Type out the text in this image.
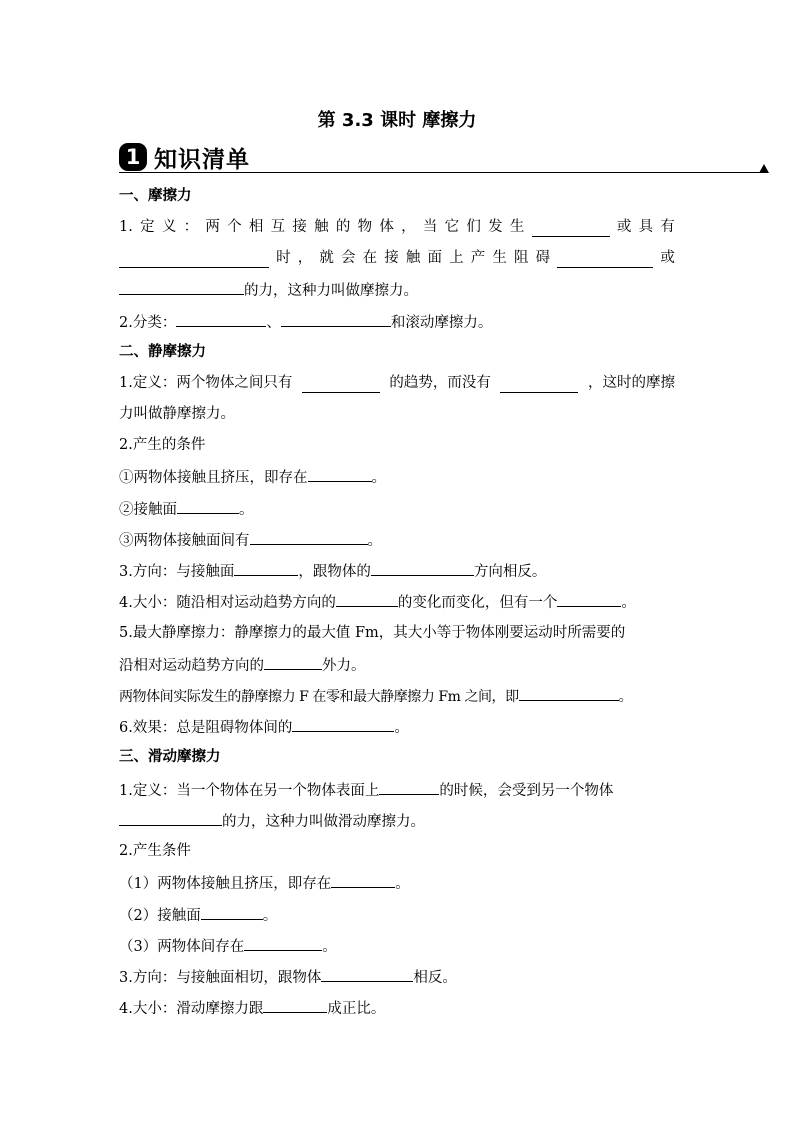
第 3.3 课时 摩擦力
1 知识清单
一、摩擦力
1. 定 义 ： 两 个 相 互 接 触 的 物 体 ， 当 它 们 发 生	或 具 有
时 ， 就 会 在 接 触 面 上 产 生 阻 碍	或
的力，这种力叫做摩擦力。
2.分类：	、	和滚动摩擦力。
二、静摩擦力
1.定义：两个物体之间只有	的趋势，而没有	，这时的摩擦
力叫做静摩擦力。
2.产生的条件
①两物体接触且挤压，即存在	。
②接触面	。
③两物体接触面间有	。
3.方向：与接触面	，跟物体的	方向相反。
4.大小：随沿相对运动趋势方向的	的变化而变化，但有一个	。
5.最大静摩擦力：静摩擦力的最大值 Fm，其大小等于物体刚要运动时所需要的
沿相对运动趋势方向的	外力。
两物体间实际发生的静摩擦力 F 在零和最大静摩擦力 Fm 之间，即	。
6.效果：总是阻碍物体间的	。
三、滑动摩擦力
1.定义：当一个物体在另一个物体表面上	的时候，会受到另一个物体
的力，这种力叫做滑动摩擦力。
2.产生条件
（1）两物体接触且挤压，即存在	。
（2）接触面	。
（3）两物体间存在	。
3.方向：与接触面相切，跟物体	相反。
4.大小：滑动摩擦力跟	成正比。
